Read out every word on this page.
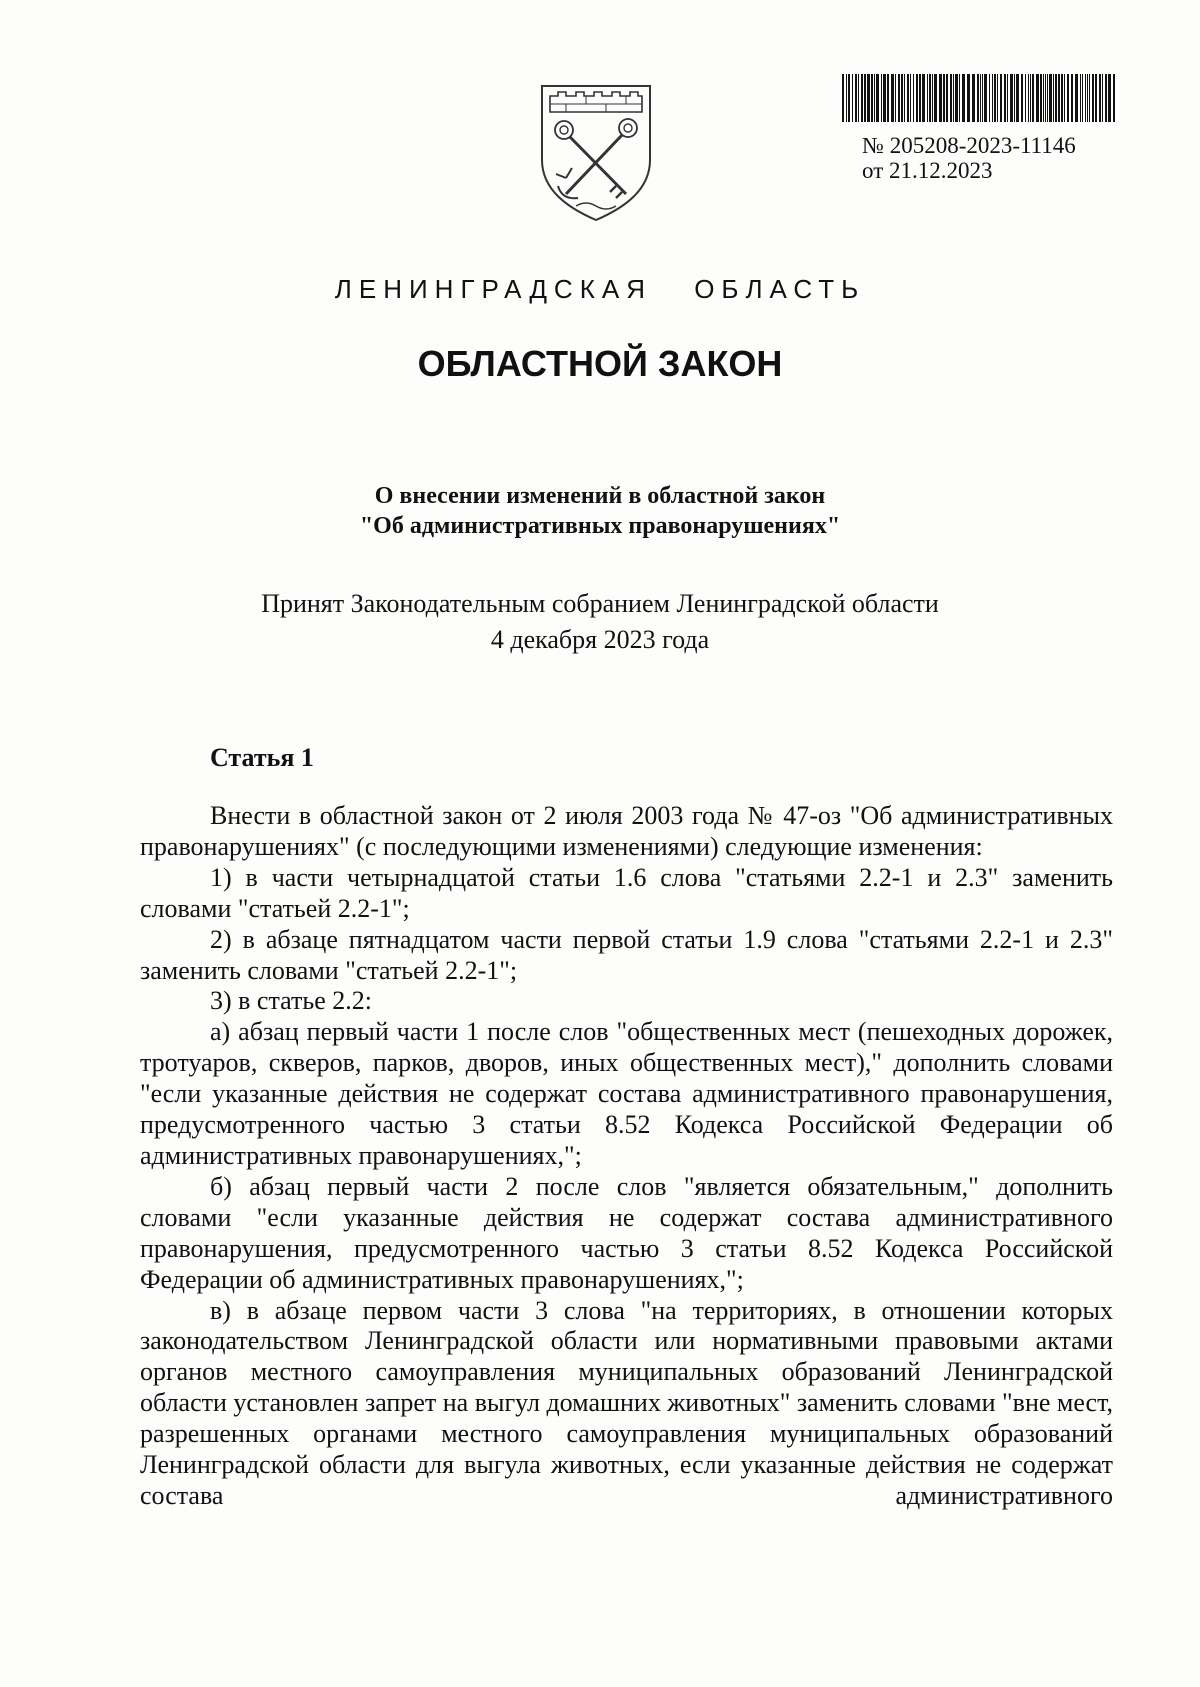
№ 205208-2023-11146
от 21.12.2023
ЛЕНИНГРАДСКАЯ ОБЛАСТЬ
ОБЛАСТНОЙ ЗАКОН
О внесении изменений в областной закон
"Об административных правонарушениях"
Принят Законодательным собранием Ленинградской области
4 декабря 2023 года
Статья 1

Внести в областной закон от 2 июля 2003 года № 47-оз "Об административных правонарушениях" (с последующими изменениями) следующие изменения:

1) в части четырнадцатой статьи 1.6 слова "статьями 2.2-1 и 2.3" заменить словами "статьей 2.2-1";

2) в абзаце пятнадцатом части первой статьи 1.9 слова "статьями 2.2-1 и 2.3" заменить словами "статьей 2.2-1";

3) в статье 2.2:

а) абзац первый части 1 после слов "общественных мест (пешеходных дорожек, тротуаров, скверов, парков, дворов, иных общественных мест)," дополнить словами "если указанные действия не содержат состава административного правонарушения, предусмотренного частью 3 статьи 8.52 Кодекса Российской Федерации об административных правонарушениях,";

б) абзац первый части 2 после слов "является обязательным," дополнить словами "если указанные действия не содержат состава административного правонарушения, предусмотренного частью 3 статьи 8.52 Кодекса Российской Федерации об административных правонарушениях,";

в) в абзаце первом части 3 слова "на территориях, в отношении которых законодательством Ленинградской области или нормативными правовыми актами органов местного самоуправления муниципальных образований Ленинградской области установлен запрет на выгул домашних животных" заменить словами "вне мест, разрешенных органами местного самоуправления муниципальных образований Ленинградской области для выгула животных, если указанные действия не содержат состава административного
